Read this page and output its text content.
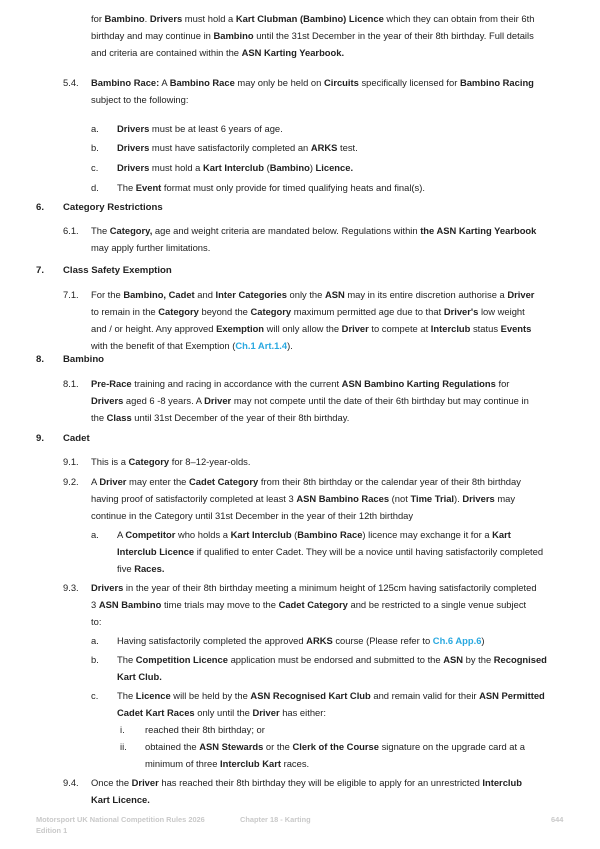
for Bambino. Drivers must hold a Kart Clubman (Bambino) Licence which they can obtain from their 6th
birthday and may continue in Bambino until the 31st December in the year of their 8th birthday. Full details
and criteria are contained within the ASN Karting Yearbook.
5.4. Bambino Race: A Bambino Race may only be held on Circuits specifically licensed for Bambino Racing
subject to the following:
a. Drivers must be at least 6 years of age.
b. Drivers must have satisfactorily completed an ARKS test.
c. Drivers must hold a Kart Interclub (Bambino) Licence.
d. The Event format must only provide for timed qualifying heats and final(s).
6. Category Restrictions
6.1. The Category, age and weight criteria are mandated below. Regulations within the ASN Karting Yearbook
may apply further limitations.
7. Class Safety Exemption
7.1. For the Bambino, Cadet and Inter Categories only the ASN may in its entire discretion authorise a Driver
to remain in the Category beyond the Category maximum permitted age due to that Driver's low weight
and / or height. Any approved Exemption will only allow the Driver to compete at Interclub status Events
with the benefit of that Exemption (Ch.1 Art.1.4).
8. Bambino
8.1. Pre-Race training and racing in accordance with the current ASN Bambino Karting Regulations for
Drivers aged 6 -8 years. A Driver may not compete until the date of their 6th birthday but may continue in
the Class until 31st December of the year of their 8th birthday.
9. Cadet
9.1. This is a Category for 8–12-year-olds.
9.2. A Driver may enter the Cadet Category from their 8th birthday or the calendar year of their 8th birthday
having proof of satisfactorily completed at least 3 ASN Bambino Races (not Time Trial). Drivers may
continue in the Category until 31st December in the year of their 12th birthday
a. A Competitor who holds a Kart Interclub (Bambino Race) licence may exchange it for a Kart
Interclub Licence if qualified to enter Cadet. They will be a novice until having satisfactorily completed
five Races.
9.3. Drivers in the year of their 8th birthday meeting a minimum height of 125cm having satisfactorily completed
3 ASN Bambino time trials may move to the Cadet Category and be restricted to a single venue subject
to:
a. Having satisfactorily completed the approved ARKS course (Please refer to Ch.6 App.6)
b. The Competition Licence application must be endorsed and submitted to the ASN by the Recognised
Kart Club.
c. The Licence will be held by the ASN Recognised Kart Club and remain valid for their ASN Permitted
Cadet Kart Races only until the Driver has either:
i. reached their 8th birthday; or
ii. obtained the ASN Stewards or the Clerk of the Course signature on the upgrade card at a
minimum of three Interclub Kart races.
9.4. Once the Driver has reached their 8th birthday they will be eligible to apply for an unrestricted Interclub
Kart Licence.
Motorsport UK National Competition Rules 2026
Edition 1
Chapter 18 - Karting	644
